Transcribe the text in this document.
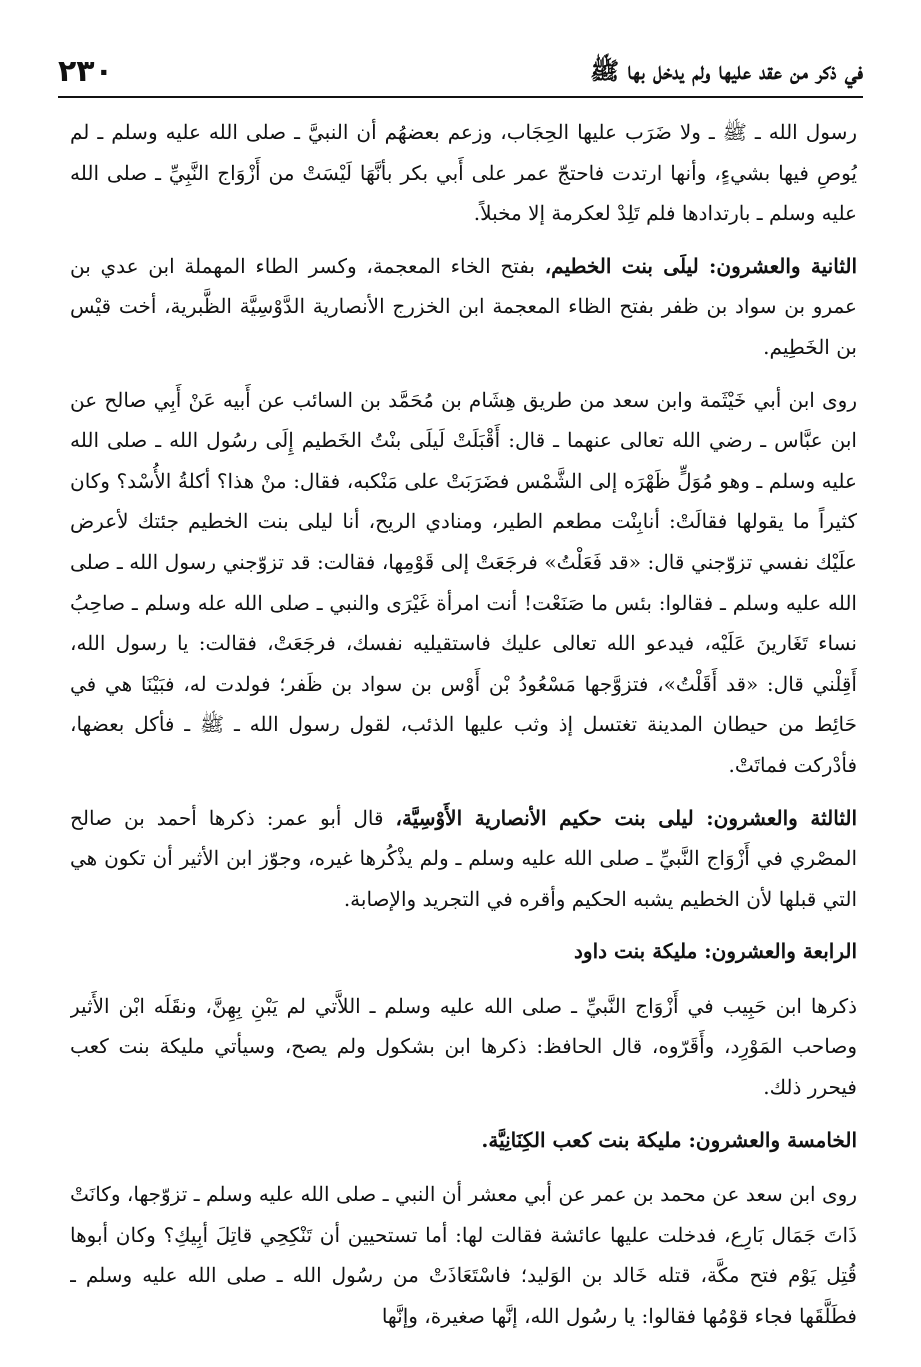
٢٣٠	في ذكر من عقد عليها ولم يدخل بها ﷺ

رسول الله ـ ﷺ ـ ولا ضَرَب عليها الحِجَاب، وزعم بعضهُم أن النبيَّ ـ صلى الله عليه وسلم ـ لم يُوصِ فيها بشيءٍ، وأنها ارتدت فاحتجّ عمر على أَبي بكر بأنَّهَا لَيْسَتْ من أَزْوَاج النَّبِيِّ ـ صلى الله عليه وسلم ـ بارتدادها فلم تَلِدْ لعكرمة إلا مخبلاً.

الثانية والعشرون: ليلَى بنت الخطيم، بفتح الخاء المعجمة، وكسر الطاء المهملة ابن عدي بن عمرو بن سواد بن ظفر بفتح الظاء المعجمة ابن الخزرج الأنصارية الدَّوْسِيَّة الظَّبرية، أخت قيْس بن الخَطِيم.

روى ابن أبي خَيْثَمة وابن سعد من طريق هِشَام بن مُحَمَّد بن السائب عن أَبيه عَنْ أَبِي صالح عن ابن عبَّاس ـ رضي الله تعالى عنهما ـ قال: أَقْبَلَتْ لَيلَى بنْتُ الخَطيم إِلَى رسُول الله ـ صلى الله عليه وسلم ـ وهو مُوَلٍّ ظَهْرَه إلى الشَّمْس فضَرَبَتْ على مَنْكبه، فقال: منْ هذا؟ أكلةُ الأُسْد؟ وكان كثيراً ما يقولها فقالَتْ: أنابِنْت مطعم الطير، ومنادي الريح، أنا ليلى بنت الخطيم جئتك لأعرض علَيْك نفسي تزوّجني قال: «قد فَعَلْتُ» فرجَعَتْ إلى قَوْمِها، فقالت: قد تزوّجني رسول الله ـ صلى الله عليه وسلم ـ فقالوا: بئس ما صَنَعْت! أنت امرأة غَيْرَى والنبي ـ صلى الله عله وسلم ـ صاحِبُ نساء تَغَارينَ عَلَيْه، فيدعو الله تعالى عليك فاستقيليه نفسك، فرجَعَتْ، فقالت: يا رسول الله، أَقِلْني قال: «قد أَقَلْتُ»، فتزوَّجها مَسْعُودُ بْن أَوْس بن سواد بن ظَفر؛ فولدت له، فبَيْنَا هي في حَائِط من حيطان المدينة تغتسل إذ وثب عليها الذئب، لقول رسول الله ـ ﷺ ـ فأكل بعضها، فأدْركت فماتَتْ.

الثالثة والعشرون: ليلى بنت حكيم الأنصارية الأَوْسِيَّة، قال أبو عمر: ذكرها أحمد بن صالح المصْري في أَزْوَاج النَّبيِّ ـ صلى الله عليه وسلم ـ ولم يذْكُرها غيره، وجوّز ابن الأثير أن تكون هي التي قبلها لأن الخطيم يشبه الحكيم وأقره في التجريد والإصابة.

الرابعة والعشرون: مليكة بنت داود

ذكرها ابن حَبِيب في أَزْوَاج النَّبيِّ ـ صلى الله عليه وسلم ـ اللاَّتي لم يَبْنِ بِهِنَّ، ونقَلَه ابْن الأَثير وصاحب المَوْرِد، وأَقَرّوه، قال الحافظ: ذكرها ابن بشكول ولم يصح، وسيأتي مليكة بنت كعب فيحرر ذلك.

الخامسة والعشرون: مليكة بنت كعب الكِنَانِيَّة.

روى ابن سعد عن محمد بن عمر عن أبي معشر أن النبي ـ صلى الله عليه وسلم ـ تزوّجها، وكانَتْ ذَاتَ جَمَال بَارِع، فدخلت عليها عائشة فقالت لها: أما تستحيين أن تَنْكِحِي قاتِلَ أبِيكِ؟ وكان أبوها قُتِل يَوْم فتح مكَّة، قتله خَالد بن الوَليد؛ فاسْتَعَاذَتْ من رسُول الله ـ صلى الله عليه وسلم ـ فطَلَّقَها فجاء قوْمُها فقالوا: يا رسُول الله، إنَّها صغيرة، وإنَّها
